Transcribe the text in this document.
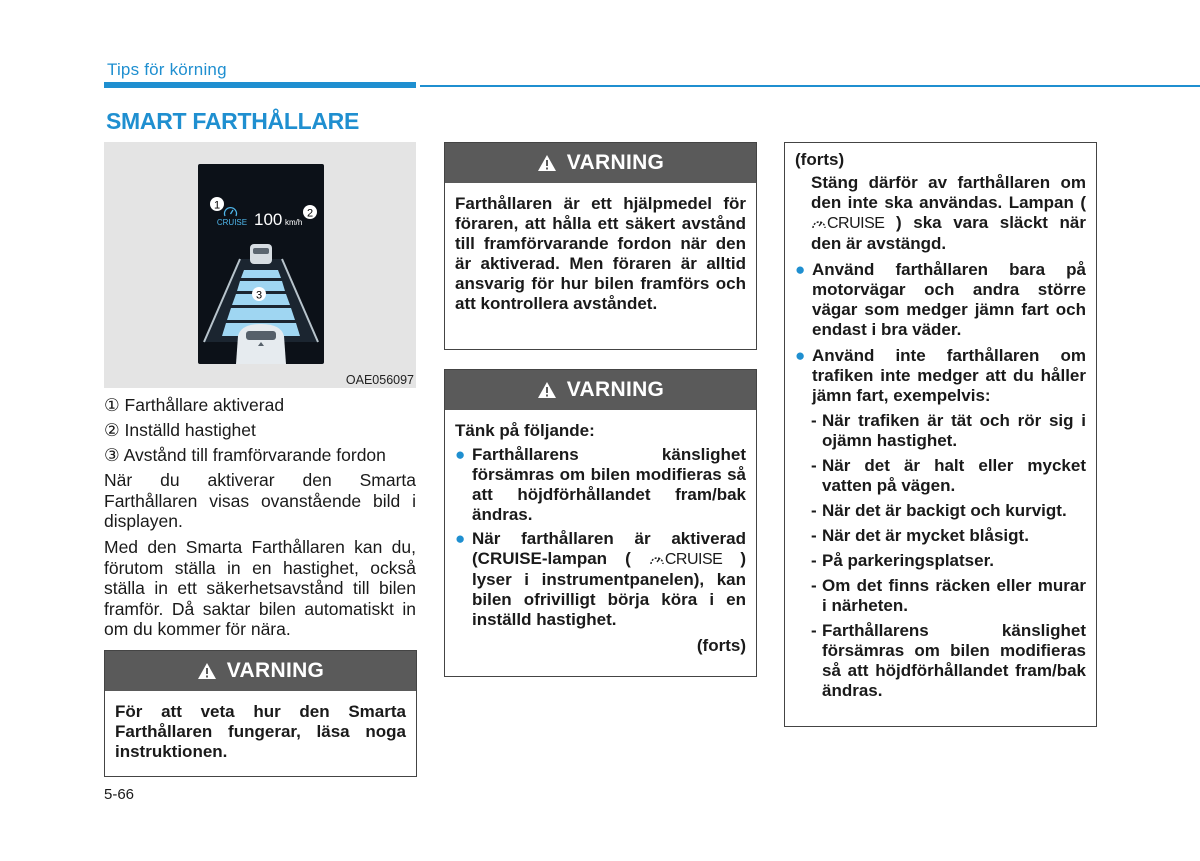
Tips för körning
SMART FARTHÅLLARE
1
CRUISE 100 km/h
2
3
OAE056097
① Farthållare aktiverad
② Inställd hastighet
③ Avstånd till framförvarande fordon
När du aktiverar den Smarta Farthållaren visas ovanstående bild i displayen.
Med den Smarta Farthållaren kan du, förutom ställa in en hastighet, också ställa in ett säkerhetsavstånd till bilen framför. Då saktar bilen automatiskt in om du kommer för nära.
VARNING

För att veta hur den Smarta Farthållaren fungerar, läsa noga instruktionen.

VARNING

Farthållaren är ett hjälpmedel för föraren, att hålla ett säkert avstånd till framförvarande fordon när den är aktiverad. Men föraren är alltid ansvarig för hur bilen framförs och att kontrollera avståndet.

VARNING

Tänk på följande:

● Farthållarens känslighet försämras om bilen modifieras så att höjdförhållandet fram/bak ändras.
● När farthållaren är aktiverad (CRUISE-lampan ( CRUISE ) lyser i instrumentpanelen), kan bilen ofrivilligt börja köra i en inställd hastighet.
(forts)
(forts)
Stäng därför av farthållaren om den inte ska användas. Lampan (
CRUISE ) ska vara släckt när den är avstängd.
● Använd farthållaren bara på motorvägar och andra större vägar som medger jämn fart och endast i bra väder.
● Använd inte farthållaren om trafiken inte medger att du håller jämn fart, exempelvis:
- När trafiken är tät och rör sig i ojämn hastighet.
- När det är halt eller mycket vatten på vägen.
- När det är backigt och kurvigt.
- När det är mycket blåsigt.
- På parkeringsplatser.
- Om det finns räcken eller murar i närheten.
- Farthållarens känslighet försämras om bilen modifieras så att höjdförhållandet fram/bak ändras.
5-66
